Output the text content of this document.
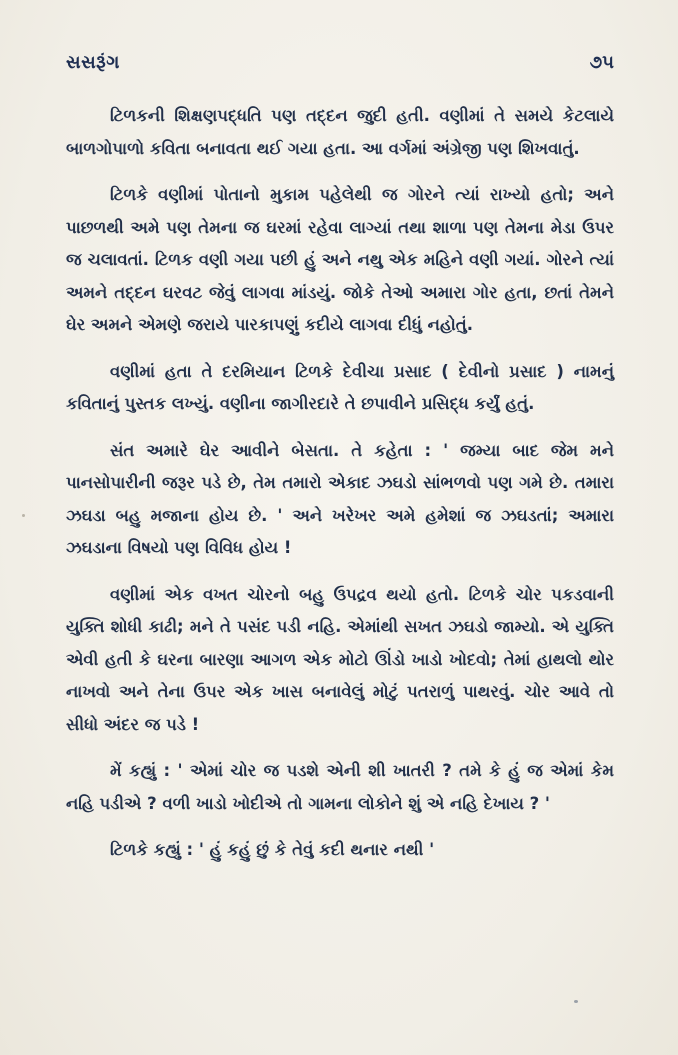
સસરૂંગ	૭૫

ટિળકની શિક્ષણપદ્ધતિ પણ તદ્દન જુદી હતી. વણીમાં તે સમયે કેટલાયે બાળગોપાળો કવિતા બનાવતા થઈ ગયા હતા. આ વર્ગમાં અંગ્રેજી પણ શિખવાતું.

ટિળકે વણીમાં પોતાનો મુકામ પહેલેથી જ ગોરને ત્યાં રાખ્યો હતો; અને પાછળથી અમે પણ તેમના જ ઘરમાં રહેવા લાગ્યાં તથા શાળા પણ તેમના મેડા ઉપર જ ચલાવતાં. ટિળક વણી ગયા પછી હું અને નથુ એક મહિને વણી ગયાં. ગોરને ત્યાં અમને તદ્દન ઘરવટ જેવું લાગવા માંડયું. જોકે તેઓ અમારા ગોર હતા, છતાં તેમને ઘેર અમને એમણે જરાયે પારકાપણું કદીયે લાગવા દીધું નહોતું.

વણીમાં હતા તે દરમિયાન ટિળકે દેવીચા પ્રસાદ ( દેવીનો પ્રસાદ ) નામનું કવિતાનું પુસ્તક લખ્યું. વણીના જાગીરદારે તે છપાવીને પ્રસિદ્ધ કર્યું હતું.

સંત અમારે ઘેર આવીને બેસતા. તે કહેતા : ' જમ્યા બાદ જેમ મને પાનસોપારીની જરૂર પડે છે, તેમ તમારો એકાદ ઝઘડો સાંભળવો પણ ગમે છે. તમારા ઝઘડા બહુ મજાના હોય છે. ' અને ખરેખર અમે હમેશાં જ ઝઘડતાં; અમારા ઝઘડાના વિષયો પણ વિવિધ હોય !

વણીમાં એક વખત ચોરનો બહુ ઉપદ્રવ થયો હતો. ટિળકે ચોર પકડવાની યુક્તિ શોધી કાઢી; મને તે પસંદ પડી નહિ. એમાંથી સખત ઝઘડો જામ્યો. એ યુક્તિ એવી હતી કે ઘરના બારણા આગળ એક મોટો ઊંડો ખાડો ખોદવો; તેમાં હાથલો થોર નાખવો અને તેના ઉપર એક ખાસ બનાવેલું મોટું પતરાળું પાથરવું. ચોર આવે તો સીધો અંદર જ પડે !

મેં કહ્યું : ' એમાં ચોર જ પડશે એની શી ખાતરી ? તમે કે હું જ એમાં કેમ નહિ પડીએ ? વળી ખાડો ખોદીએ તો ગામના લોકોને શું એ નહિ દેખાય ? '

ટિળકે કહ્યું : ' હું કહું છું કે તેવું કદી થનાર નથી '
